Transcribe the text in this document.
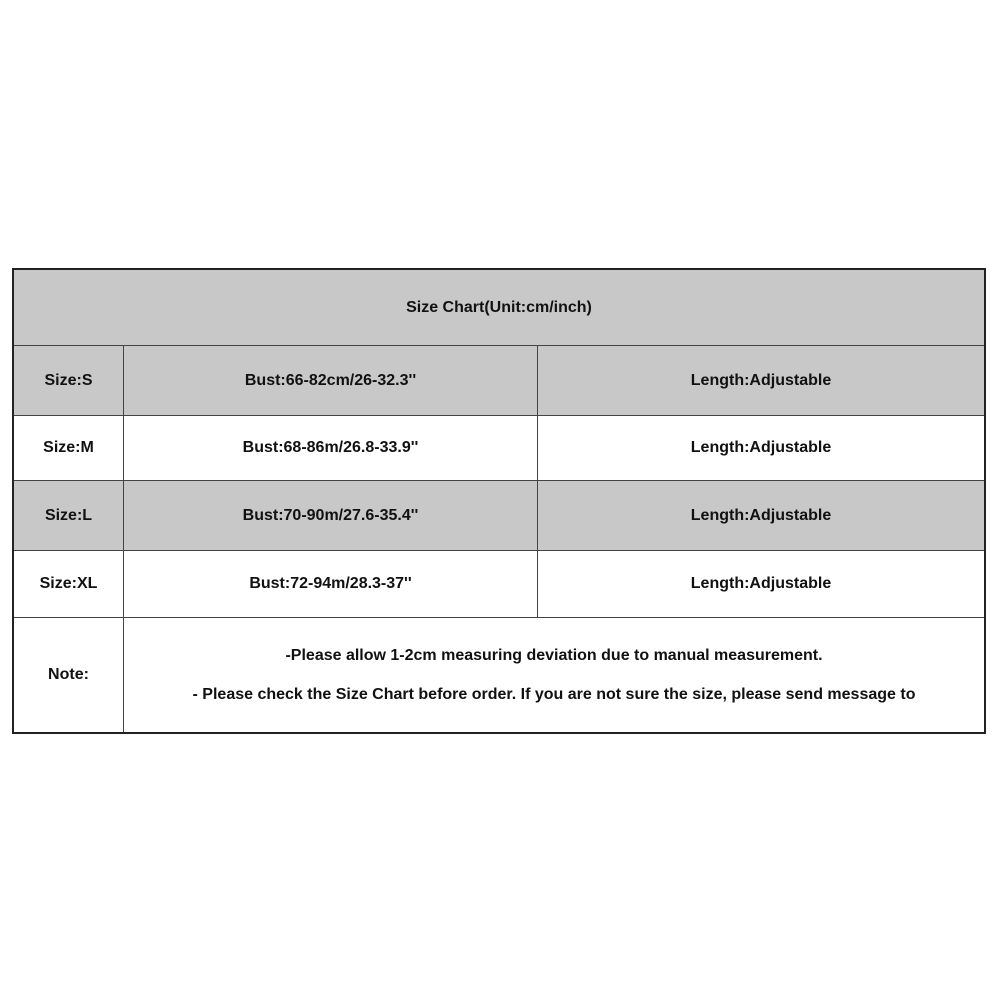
Size Chart(Unit:cm/inch)
Size:S	Bust:66-82cm/26-32.3''	Length:Adjustable
Size:M	Bust:68-86m/26.8-33.9''	Length:Adjustable
Size:L	Bust:70-90m/27.6-35.4''	Length:Adjustable
Size:XL	Bust:72-94m/28.3-37''	Length:Adjustable
Note:
-Please allow 1-2cm measuring deviation due to manual measurement.
- Please check the Size Chart before order. If you are not sure the size, please send message to
